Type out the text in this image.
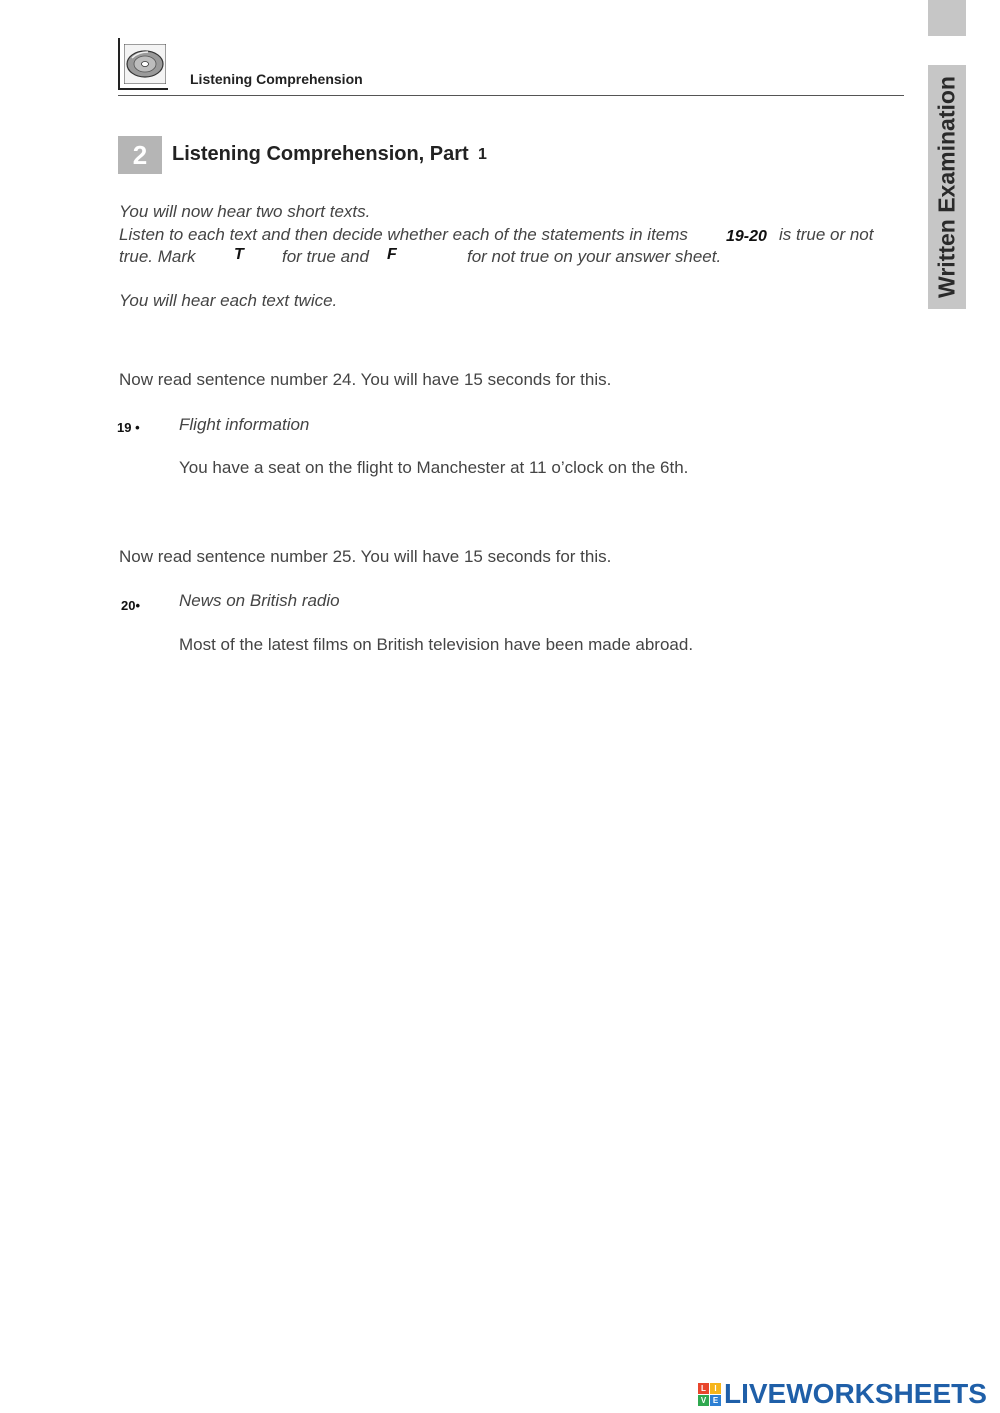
Listening Comprehension	Written Examination
2	Listening Comprehension, Part 1
You will now hear two short texts.
Listen to each text and then decide whether each of the statements in items 19-20 is true or not
true. Mark T for true and F	for not true on your answer sheet.
You will hear each text twice.
Now read sentence number 24. You will have 15 seconds for this.
19 • Flight information
You have a seat on the flight to Manchester at 11 o’clock on the 6th.
Now read sentence number 25. You will have 15 seconds for this.
20• News on British radio
Most of the latest films on British television have been made abroad.
L	I
V E LIVEWORKSHEETS
